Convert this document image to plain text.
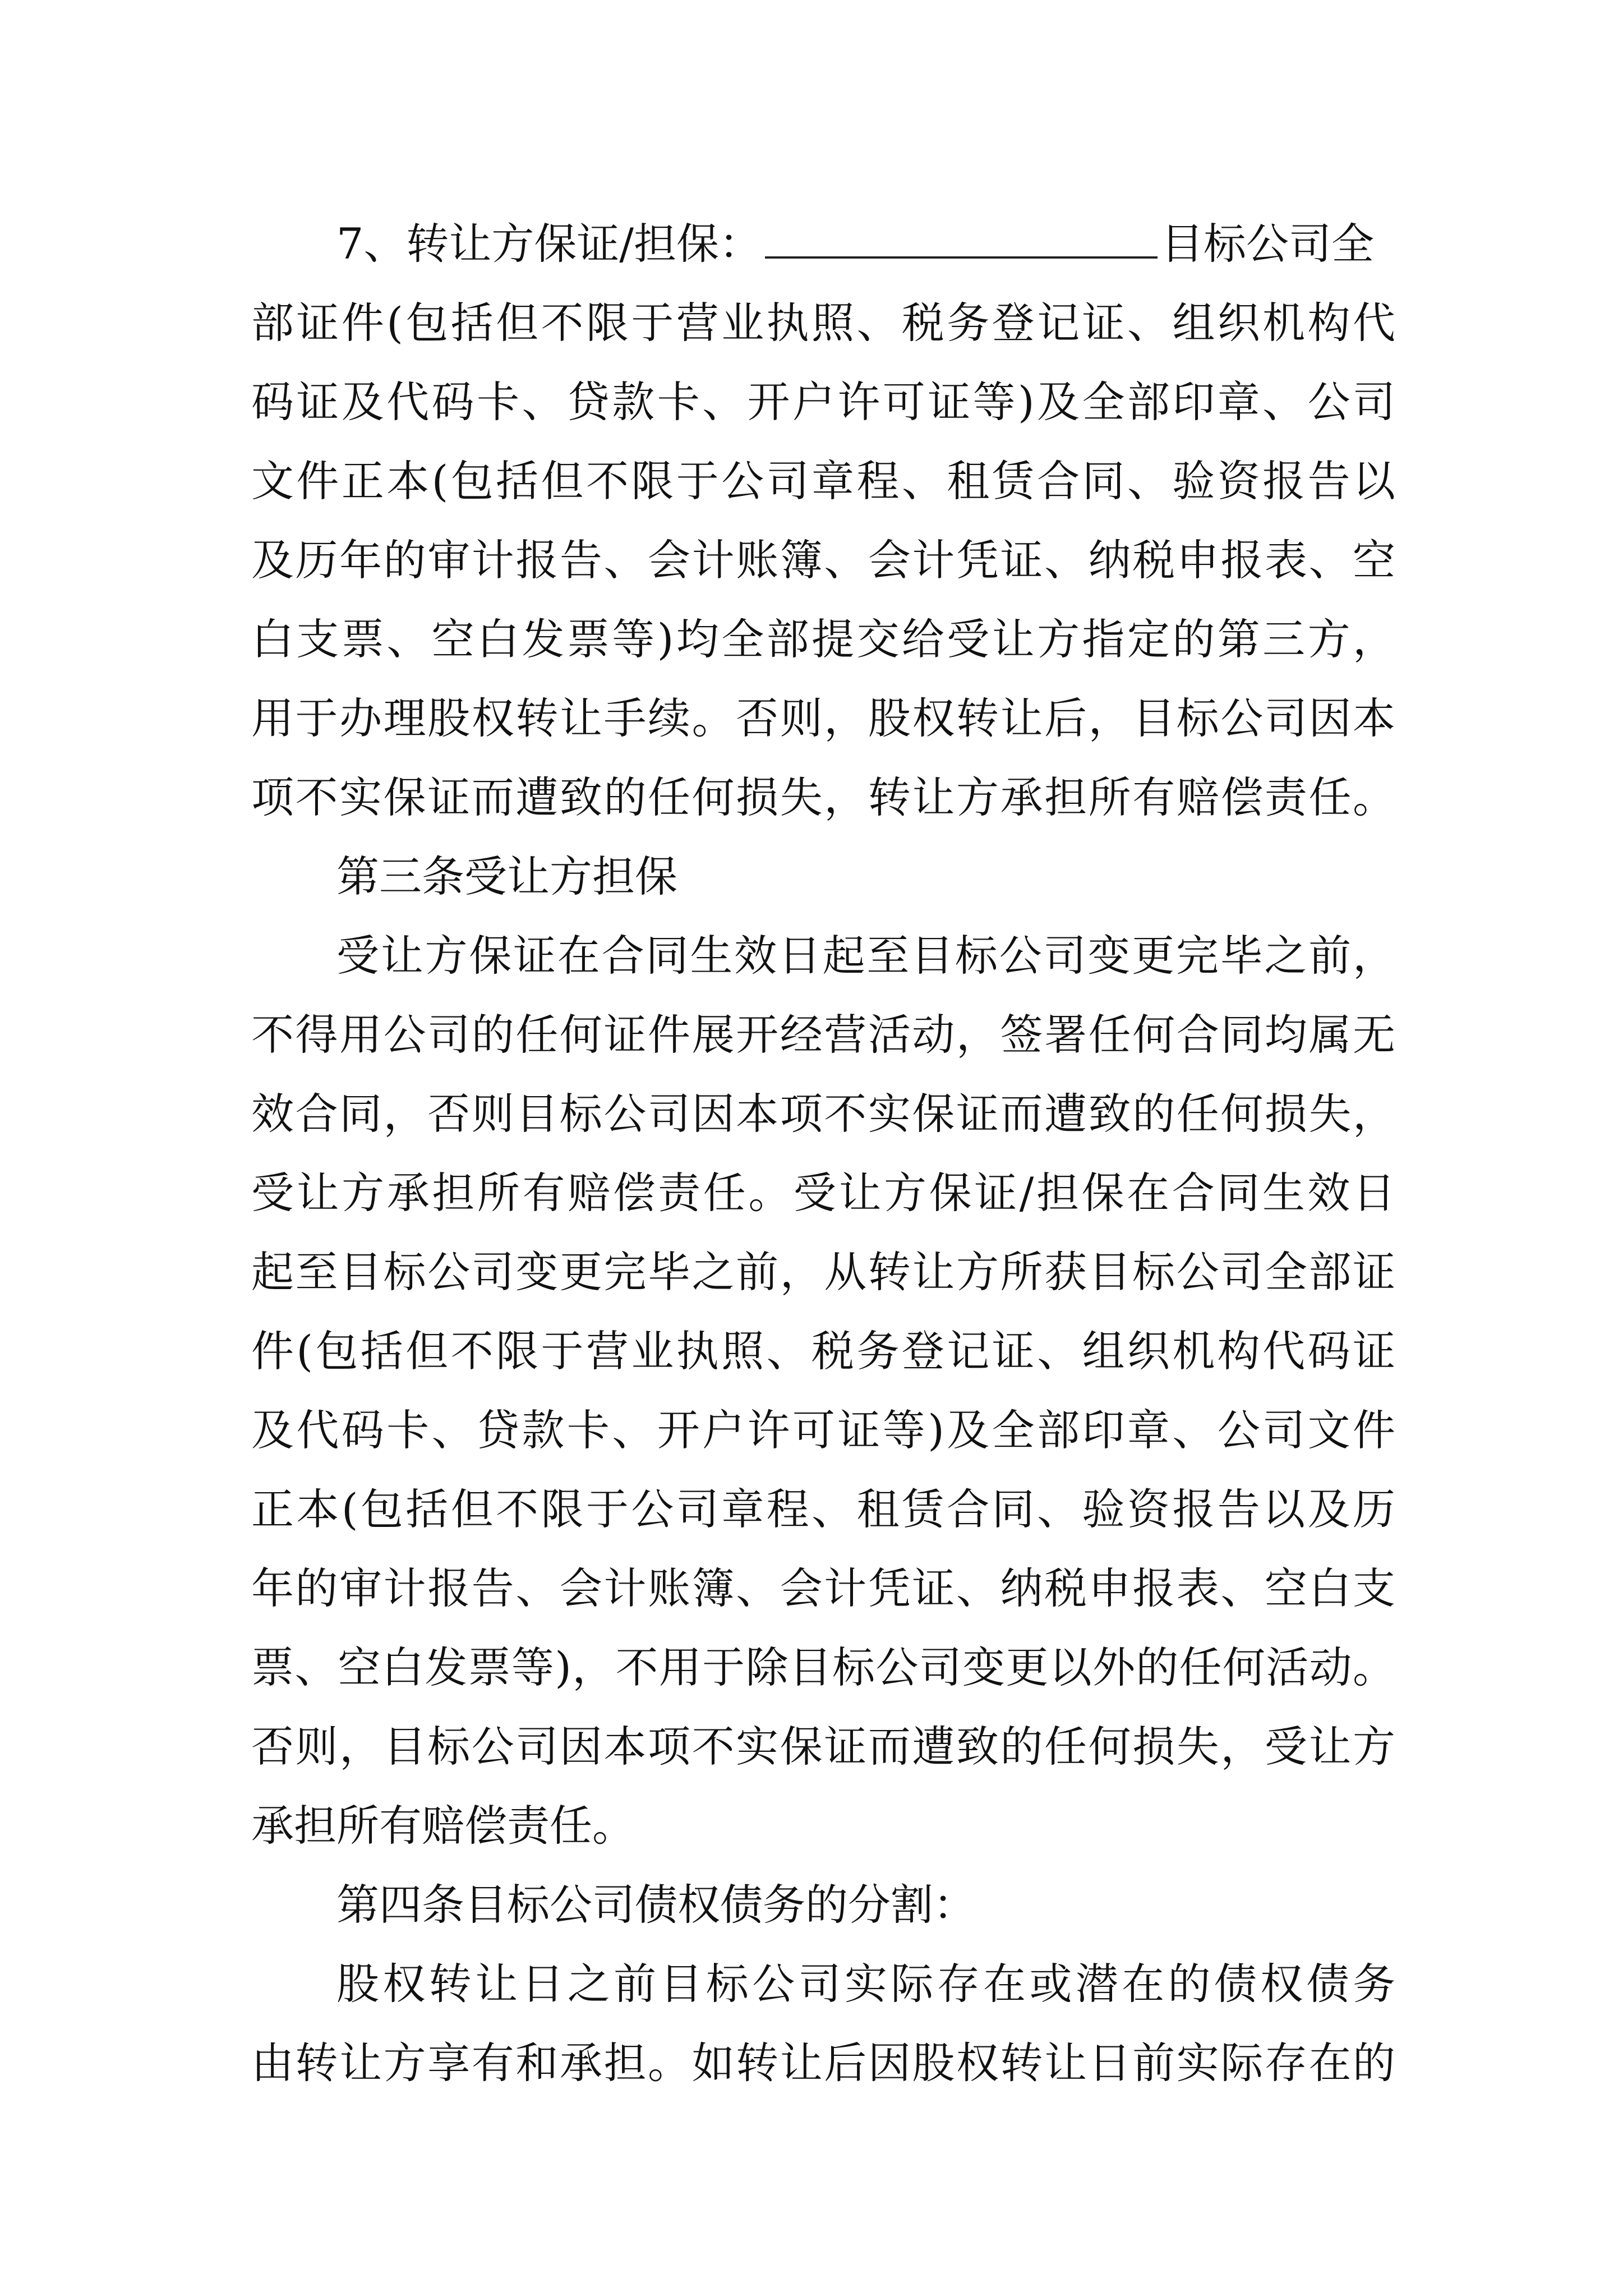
7、转让方保证/担保：	目标公司全
部证件(包括但不限于营业执照、税务登记证、组织机构代
码证及代码卡、贷款卡、开户许可证等)及全部印章、公司
文件正本(包括但不限于公司章程、租赁合同、验资报告以
及历年的审计报告、会计账簿、会计凭证、纳税申报表、空
白支票、空白发票等)均全部提交给受让方指定的第三方，
用于办理股权转让手续。否则，股权转让后，目标公司因本
项不实保证而遭致的任何损失，转让方承担所有赔偿责任。
第三条受让方担保
受让方保证在合同生效日起至目标公司变更完毕之前，
不得用公司的任何证件展开经营活动，签署任何合同均属无
效合同，否则目标公司因本项不实保证而遭致的任何损失，
受让方承担所有赔偿责任。受让方保证/担保在合同生效日
起至目标公司变更完毕之前，从转让方所获目标公司全部证
件(包括但不限于营业执照、税务登记证、组织机构代码证
及代码卡、贷款卡、开户许可证等)及全部印章、公司文件
正本(包括但不限于公司章程、租赁合同、验资报告以及历
年的审计报告、会计账簿、会计凭证、纳税申报表、空白支
票、空白发票等)，不用于除目标公司变更以外的任何活动。
否则，目标公司因本项不实保证而遭致的任何损失，受让方
承担所有赔偿责任。
第四条目标公司债权债务的分割：
股权转让日之前目标公司实际存在或潜在的债权债务
由转让方享有和承担。如转让后因股权转让日前实际存在的
